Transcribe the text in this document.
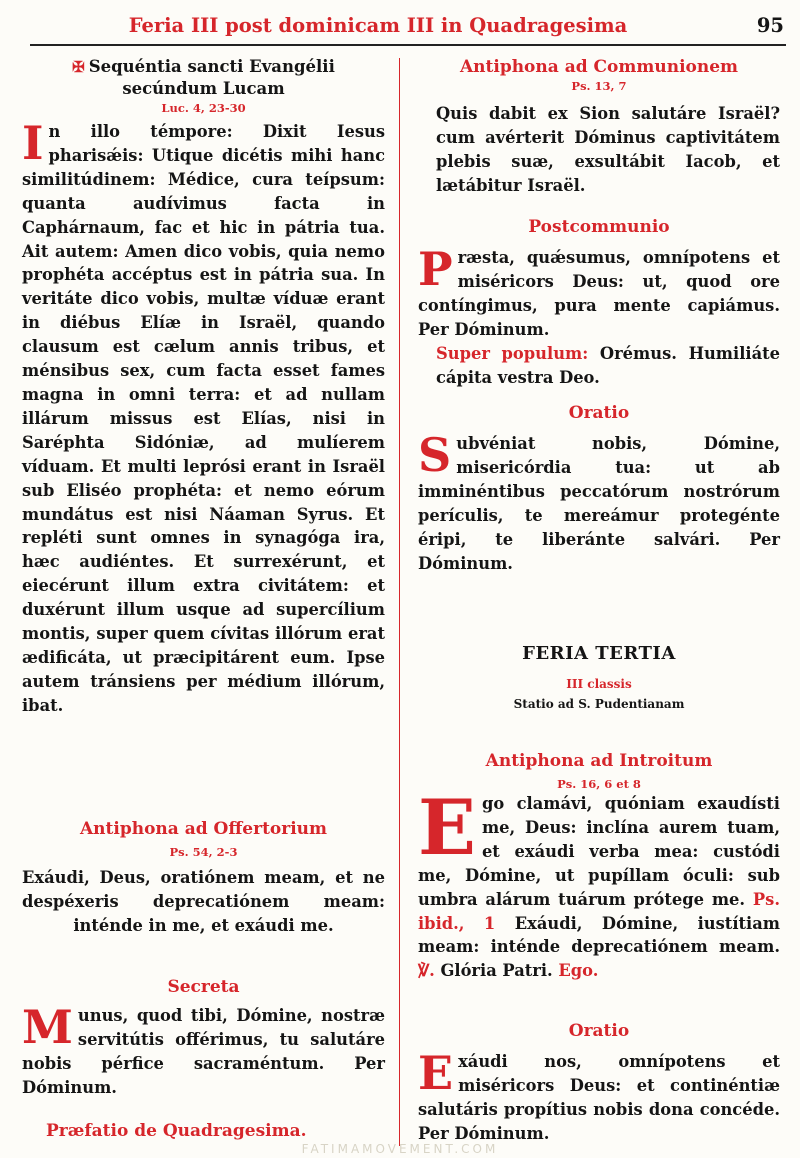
Feria III post dominicam III in Quadragesima	95
✠ Sequéntia sancti Evangélii secúndum Lucam
Luc. 4, 23-30

In illo témpore: Dixit Iesus pharisǽis: Utique dicétis mihi hanc similitúdinem: Médice, cura teípsum: quanta audívimus facta in Caphárnaum, fac et hic in pátria tua. Ait autem: Amen dico vobis, quia nemo prophéta accéptus est in pátria sua. In veritáte dico vobis, multæ víduæ erant in diébus Elíæ in Israël, quando clausum est cælum annis tribus, et ménsibus sex, cum facta esset fames magna in omni terra: et ad nullam illárum missus est Elías, nisi in Saréphta Sidóniæ, ad mulíerem víduam. Et multi leprósi erant in Israël sub Eliséo prophéta: et nemo eórum mundátus est nisi Náaman Syrus. Et repléti sunt omnes in synagóga ira, hæc audiéntes. Et surrexérunt, et eiecérunt illum extra civitátem: et duxérunt illum usque ad supercílium montis, super quem cívitas illórum erat ædificáta, ut præcipitárent eum. Ipse autem tránsiens per médium illórum, ibat.

Antiphona ad Offertorium
Ps. 54, 2-3

Exáudi, Deus, oratiónem meam, et ne despéxeris deprecatiónem meam: inténde in me, et exáudi me.

Secreta

Munus, quod tibi, Dómine, nostræ servitútis offérimus, tu salutáre nobis pérfice sacraméntum. Per Dóminum.

Præfatio de Quadragesima.
Antiphona ad Communionem
Ps. 13, 7

Quis dabit ex Sion salutáre Israël? cum avérterit Dóminus captivitátem plebis suæ, exsultábit Iacob, et lætábitur Israël.

Postcommunio

Præsta, quǽsumus, omnípotens et miséricors Deus: ut, quod ore contíngimus, pura mente capiámus. Per Dóminum.

Super populum: Orémus. Humiliáte cápita vestra Deo.

Oratio

Subvéniat nobis, Dómine, misericórdia tua: ut ab imminéntibus peccatórum nostrórum perículis, te mereámur protegénte éripi, te liberánte salvári. Per Dóminum.

FERIA TERTIA
III classis
Statio ad S. Pudentianam
Antiphona ad Introitum
Ps. 16, 6 et 8

Ego clamávi, quóniam exaudísti me, Deus: inclína aurem tuam, et exáudi verba mea: custódi me, Dómine, ut pupíllam óculi: sub umbra alárum tuárum prótege me. Ps. ibid., 1 Exáudi, Dómine, iustítiam meam: inténde deprecatiónem meam. ℣. Glória Patri. Ego.

Oratio

Exáudi nos, omnípotens et miséricors Deus: et continéntiæ salutáris propítius nobis dona concéde. Per Dóminum.

FATIMAMOVEMENT.COM
